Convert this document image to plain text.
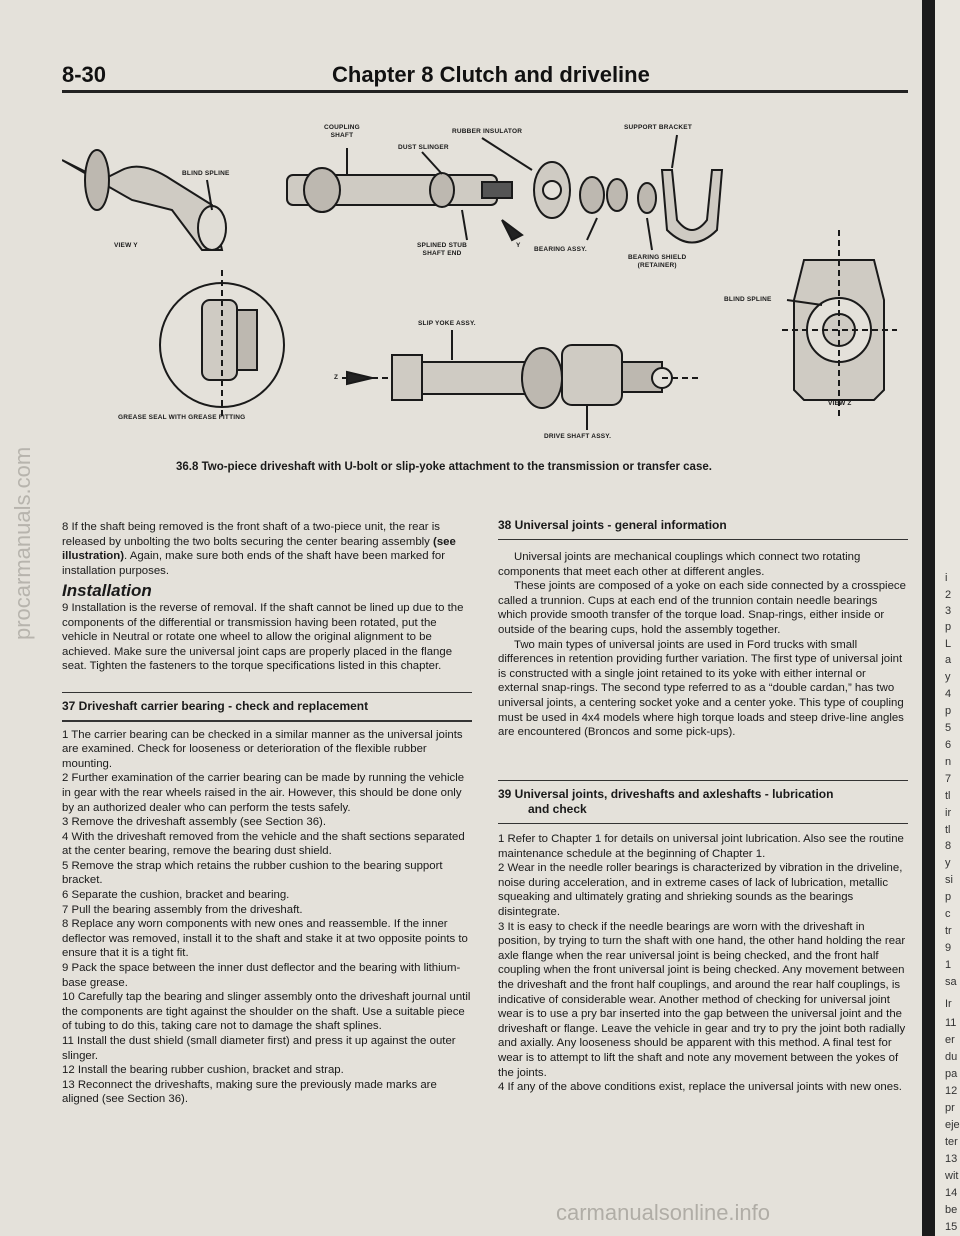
8-30	Chapter 8 Clutch and driveline
COUPLING
SHAFT
RUBBER INSULATOR
SUPPORT BRACKET
DUST SLINGER
BLIND SPLINE
VIEW Y	SPLINED STUB
SHAFT END
Y
BEARING ASSY.
BEARING SHIELD
(RETAINER)
BLIND SPLINE
SLIP YOKE ASSY.
Z
GREASE SEAL WITH GREASE FITTING
VIEW Z
DRIVE SHAFT ASSY.
36.8 Two-piece driveshaft with U-bolt or slip-yoke attachment to the transmission or transfer case.

8 If the shaft being removed is the front shaft of a two-piece unit, the rear is released by unbolting the two bolts securing the center bearing assembly (see illustration). Again, make sure both ends of the shaft have been marked for installation purposes.

Installation

9 Installation is the reverse of removal. If the shaft cannot be lined up due to the components of the differential or transmission having been rotated, put the vehicle in Neutral or rotate one wheel to allow the original alignment to be achieved. Make sure the universal joint caps are properly placed in the flange seat. Tighten the fasteners to the torque specifications listed in this chapter.

37 Driveshaft carrier bearing - check and replacement

1 The carrier bearing can be checked in a similar manner as the universal joints are examined. Check for looseness or deterioration of the flexible rubber mounting.

2 Further examination of the carrier bearing can be made by running the vehicle in gear with the rear wheels raised in the air. However, this should be done only by an authorized dealer who can perform the tests safely.

3 Remove the driveshaft assembly (see Section 36).

4 With the driveshaft removed from the vehicle and the shaft sections separated at the center bearing, remove the bearing dust shield.

5 Remove the strap which retains the rubber cushion to the bearing support bracket.

6 Separate the cushion, bracket and bearing.

7 Pull the bearing assembly from the driveshaft.

8 Replace any worn components with new ones and reassemble. If the inner deflector was removed, install it to the shaft and stake it at two opposite points to ensure that it is a tight fit.

9 Pack the space between the inner dust deflector and the bearing with lithium-base grease.

10 Carefully tap the bearing and slinger assembly onto the driveshaft journal until the components are tight against the shoulder on the shaft. Use a suitable piece of tubing to do this, taking care not to damage the shaft splines.

11 Install the dust shield (small diameter first) and press it up against the outer slinger.

12 Install the bearing rubber cushion, bracket and strap.

13 Reconnect the driveshafts, making sure the previously made marks are aligned (see Section 36).

38 Universal joints - general information

Universal joints are mechanical couplings which connect two rotating components that meet each other at different angles.

These joints are composed of a yoke on each side connected by a crosspiece called a trunnion. Cups at each end of the trunnion contain needle bearings which provide smooth transfer of the torque load. Snap-rings, either inside or outside of the bearing cups, hold the assembly together.

Two main types of universal joints are used in Ford trucks with small differences in retention providing further variation. The first type of universal joint is constructed with a single joint retained to its yoke with either internal or external snap-rings. The second type referred to as a “double cardan,” has two universal joints, a centering socket yoke and a center yoke. This type of coupling must be used in 4x4 models where high torque loads and steep drive-line angles are encountered (Broncos and some pick-ups).

39 Universal joints, driveshafts and axleshafts - lubrication
and check

1 Refer to Chapter 1 for details on universal joint lubrication. Also see the routine maintenance schedule at the beginning of Chapter 1.

2 Wear in the needle roller bearings is characterized by vibration in the driveline, noise during acceleration, and in extreme cases of lack of lubrication, metallic squeaking and ultimately grating and shrieking sounds as the bearings disintegrate.

3 It is easy to check if the needle bearings are worn with the driveshaft in position, by trying to turn the shaft with one hand, the other hand holding the rear axle flange when the rear universal joint is being checked, and the front half coupling when the front universal joint is being checked. Any movement between the driveshaft and the front half couplings, and around the rear half couplings, is indicative of considerable wear. Another method of checking for universal joint wear is to use a pry bar inserted into the gap between the universal joint and the driveshaft or flange. Leave the vehicle in gear and try to pry the joint both radially and axially. Any looseness should be apparent with this method. A final test for wear is to attempt to lift the shaft and note any movement between the yokes of the joints.

4 If any of the above conditions exist, replace the universal joints with new ones.

procarmanuals.com
carmanualsonline.info
i
2
3
p
L
a
y
4
p
5
6
n
7
tl
ir
tl
8
y
si
p
c
tr
9
1
sa
Ir
11
er
du
pa
12
pr
eje
ter
13
wit
14
be
15
